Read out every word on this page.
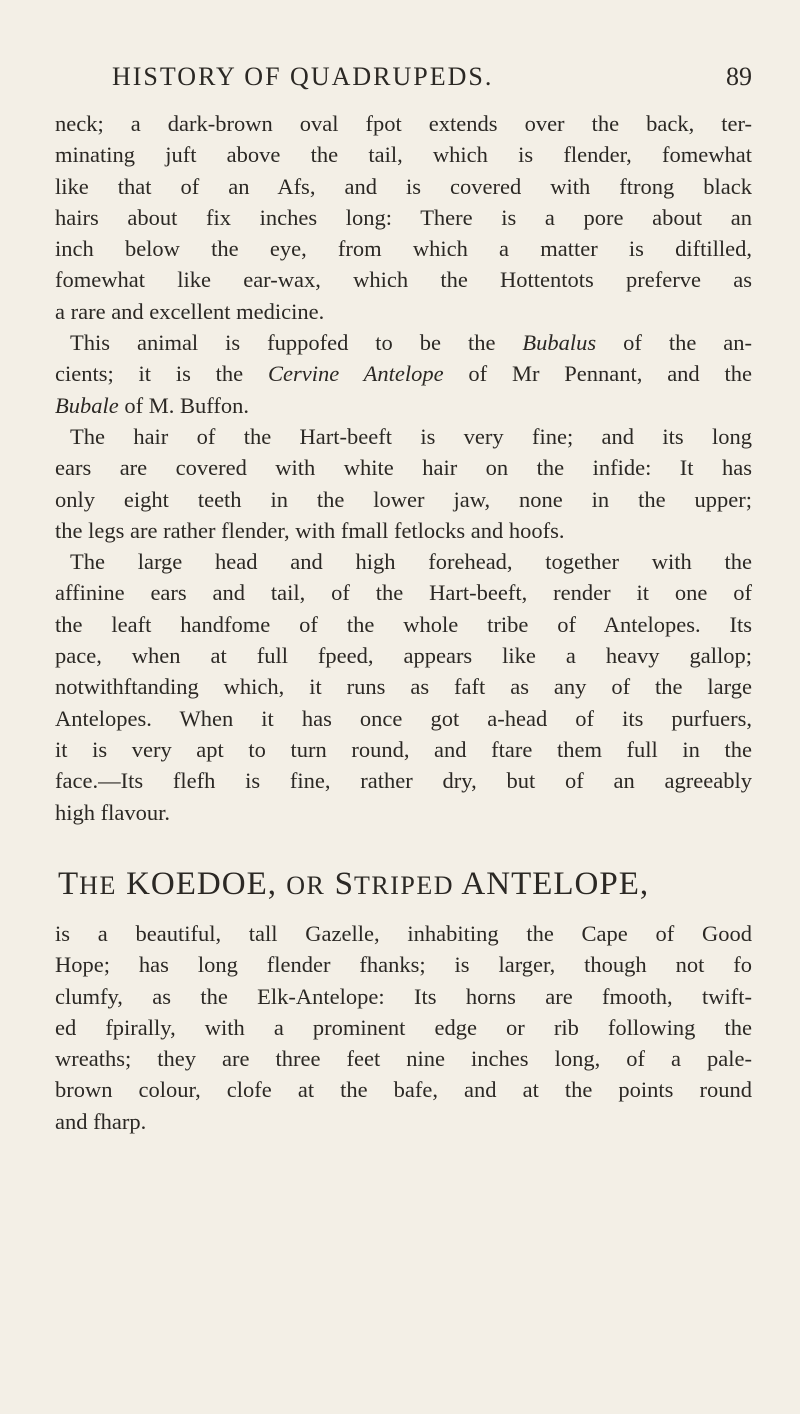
HISTORY OF QUADRUPEDS.	89
neck; a dark-brown oval fpot extends over the back, ter-
minating juft above the tail, which is flender, fomewhat
like that of an Afs, and is covered with ftrong black
hairs about fix inches long: There is a pore about an
inch below the eye, from which a matter is diftilled,
fomewhat like ear-wax, which the Hottentots preferve as
a rare and excellent medicine.
This animal is fuppofed to be the Bubalus of the an-
cients; it is the Cervine Antelope of Mr Pennant, and the
Bubale of M. Buffon.
The hair of the Hart-beeft is very fine; and its long
ears are covered with white hair on the infide: It has
only eight teeth in the lower jaw, none in the upper;
the legs are rather flender, with fmall fetlocks and hoofs.
The large head and high forehead, together with the
affinine ears and tail, of the Hart-beeft, render it one of
the leaft handfome of the whole tribe of Antelopes. Its
pace, when at full fpeed, appears like a heavy gallop;
notwithftanding which, it runs as faft as any of the large
Antelopes. When it has once got a-head of its purfuers,
it is very apt to turn round, and ftare them full in the
face.—Its flefh is fine, rather dry, but of an agreeably
high flavour.
THE KOEDOE, OR STRIPED ANTELOPE,
is a beautiful, tall Gazelle, inhabiting the Cape of Good
Hope; has long flender fhanks; is larger, though not fo
clumfy, as the Elk-Antelope: Its horns are fmooth, twift-
ed fpirally, with a prominent edge or rib following the
wreaths; they are three feet nine inches long, of a pale-
brown colour, clofe at the bafe, and at the points round
and fharp.
